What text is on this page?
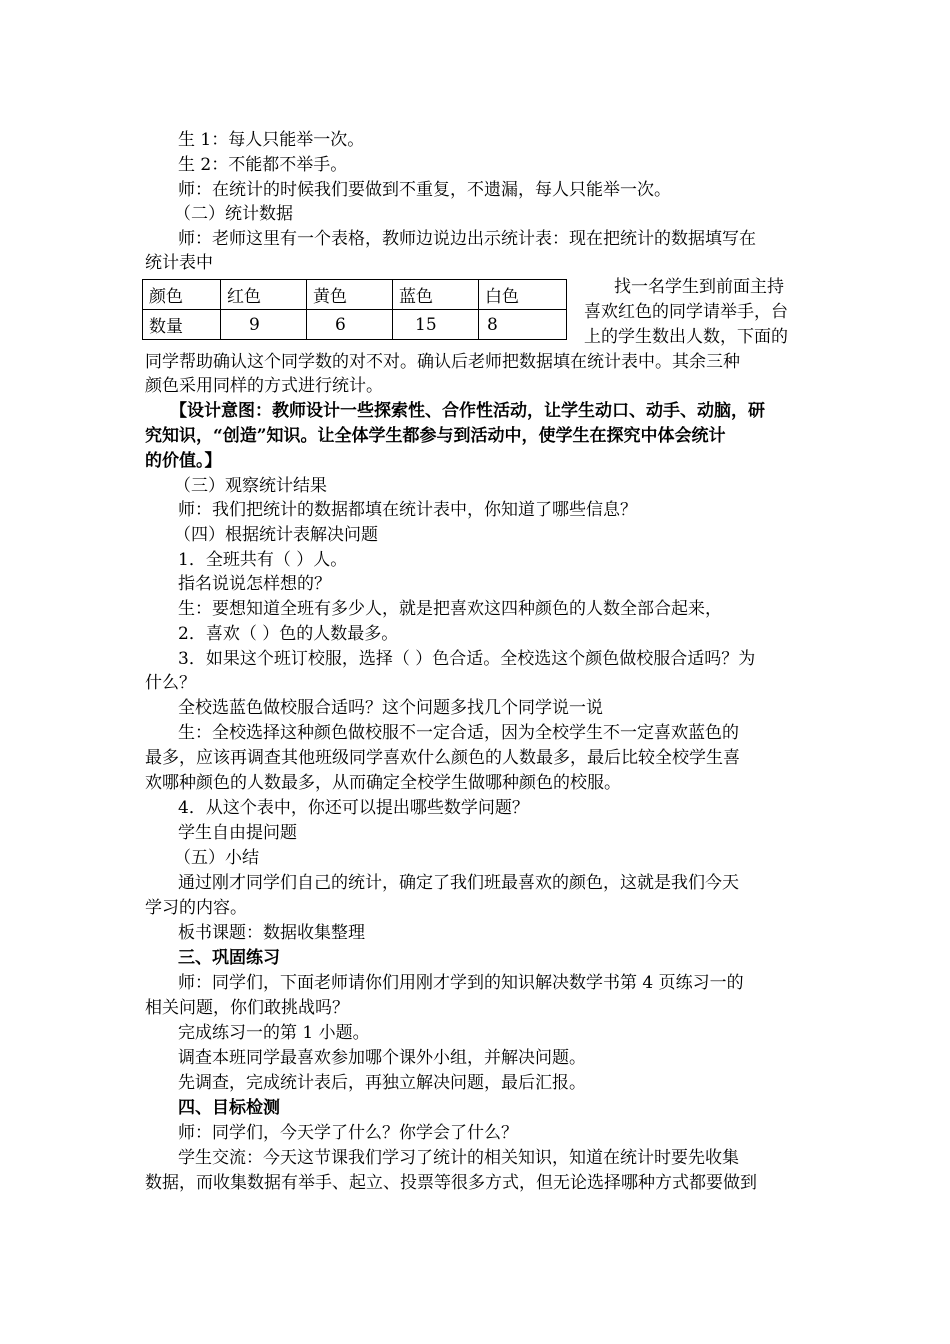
生 1：每人只能举一次。
生 2：不能都不举手。
师：在统计的时候我们要做到不重复，不遗漏，每人只能举一次。
（二）统计数据
师：老师这里有一个表格，教师边说边出示统计表：现在把统计的数据填写在
统计表中
颜色	红色	黄色	蓝色	白色
数量	9	6	15	8
找一名学生到前面主持
喜欢红色的同学请举手，台
上的学生数出人数，下面的
同学帮助确认这个同学数的对不对。确认后老师把数据填在统计表中。其余三种
颜色采用同样的方式进行统计。
【设计意图：教师设计一些探索性、合作性活动，让学生动口、动手、动脑，研
究知识，“创造”知识。让全体学生都参与到活动中，使学生在探究中体会统计
的价值。】
（三）观察统计结果
师：我们把统计的数据都填在统计表中，你知道了哪些信息？
（四）根据统计表解决问题
1．全班共有（ ）人。
指名说说怎样想的？
生：要想知道全班有多少人，就是把喜欢这四种颜色的人数全部合起来，
2．喜欢（ ）色的人数最多。
3．如果这个班订校服，选择（ ）色合适。全校选这个颜色做校服合适吗？为
什么？
全校选蓝色做校服合适吗？这个问题多找几个同学说一说
生：全校选择这种颜色做校服不一定合适，因为全校学生不一定喜欢蓝色的
最多，应该再调查其他班级同学喜欢什么颜色的人数最多，最后比较全校学生喜
欢哪种颜色的人数最多，从而确定全校学生做哪种颜色的校服。
4．从这个表中，你还可以提出哪些数学问题？
学生自由提问题
（五）小结
通过刚才同学们自己的统计，确定了我们班最喜欢的颜色，这就是我们今天
学习的内容。
板书课题：数据收集整理
三、巩固练习
师：同学们，下面老师请你们用刚才学到的知识解决数学书第 4 页练习一的
相关问题，你们敢挑战吗？
完成练习一的第 1 小题。
调查本班同学最喜欢参加哪个课外小组，并解决问题。
先调查，完成统计表后，再独立解决问题，最后汇报。
四、目标检测
师：同学们，今天学了什么？你学会了什么？
学生交流：今天这节课我们学习了统计的相关知识，知道在统计时要先收集
数据，而收集数据有举手、起立、投票等很多方式，但无论选择哪种方式都要做到
